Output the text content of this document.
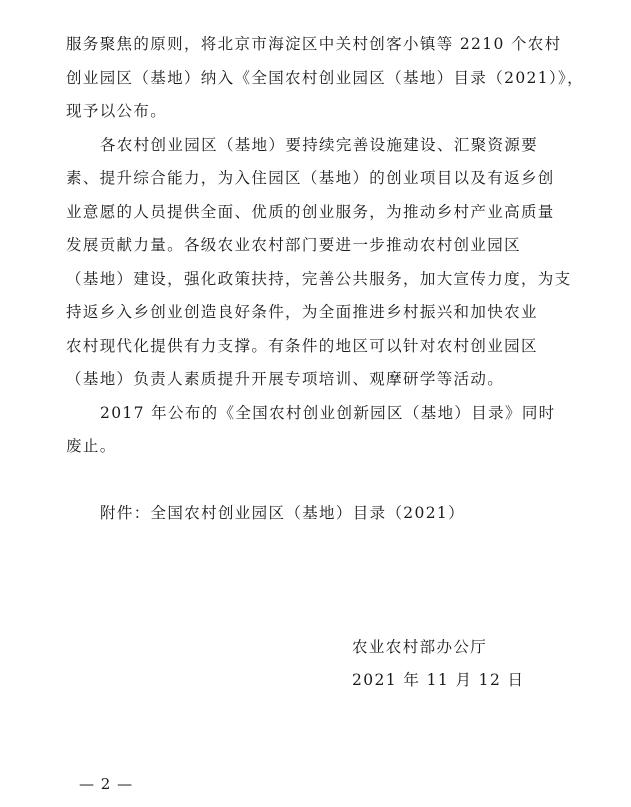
服务聚焦的原则，将北京市海淀区中关村创客小镇等 2210 个农村
创业园区（基地）纳入《全国农村创业园区（基地）目录（2021）》，
现予以公布。
各农村创业园区（基地）要持续完善设施建设、汇聚资源要
素、提升综合能力，为入住园区（基地）的创业项目以及有返乡创
业意愿的人员提供全面、优质的创业服务，为推动乡村产业高质量
发展贡献力量。各级农业农村部门要进一步推动农村创业园区
（基地）建设，强化政策扶持，完善公共服务，加大宣传力度，为支
持返乡入乡创业创造良好条件，为全面推进乡村振兴和加快农业
农村现代化提供有力支撑。有条件的地区可以针对农村创业园区
（基地）负责人素质提升开展专项培训、观摩研学等活动。
2017 年公布的《全国农村创业创新园区（基地）目录》同时
废止。
附件：全国农村创业园区（基地）目录（2021）
农业农村部办公厅
2021 年 11 月 12 日
— 2 —
